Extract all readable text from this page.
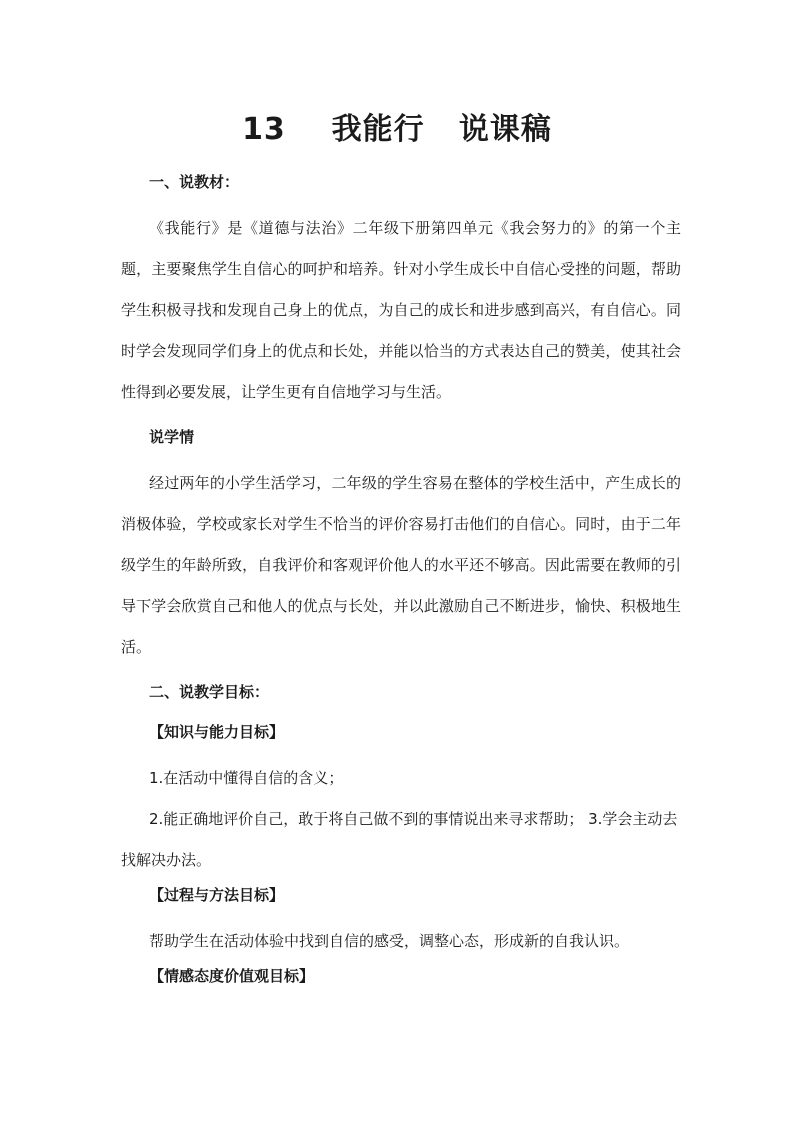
13    我能行   说课稿

一、说教材：

《我能行》是《道德与法治》二年级下册第四单元《我会努力的》的第一个主题，主要聚焦学生自信心的呵护和培养。针对小学生成长中自信心受挫的问题，帮助学生积极寻找和发现自己身上的优点，为自己的成长和进步感到高兴，有自信心。同时学会发现同学们身上的优点和长处，并能以恰当的方式表达自己的赞美，使其社会性得到必要发展，让学生更有自信地学习与生活。

说学情

经过两年的小学生活学习，二年级的学生容易在整体的学校生活中，产生成长的消极体验，学校或家长对学生不恰当的评价容易打击他们的自信心。同时，由于二年级学生的年龄所致，自我评价和客观评价他人的水平还不够高。因此需要在教师的引导下学会欣赏自己和他人的优点与长处，并以此激励自己不断进步，愉快、积极地生活。

二、说教学目标：

【知识与能力目标】

1.在活动中懂得自信的含义；

2.能正确地评价自己，敢于将自己做不到的事情说出来寻求帮助； 3.学会主动去找解决办法。

【过程与方法目标】

帮助学生在活动体验中找到自信的感受，调整心态，形成新的自我认识。

【情感态度价值观目标】
